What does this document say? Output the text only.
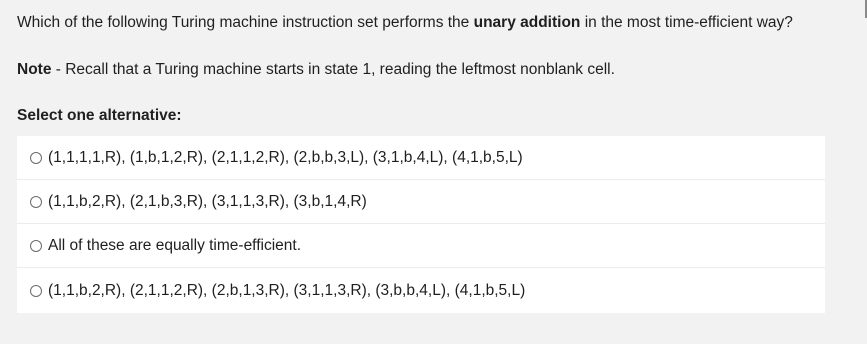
Which of the following Turing machine instruction set performs the unary addition in the most time-efficient way?
Note - Recall that a Turing machine starts in state 1, reading the leftmost nonblank cell.
Select one alternative:
(1,1,1,1,R), (1,b,1,2,R), (2,1,1,2,R), (2,b,b,3,L), (3,1,b,4,L), (4,1,b,5,L)
(1,1,b,2,R), (2,1,b,3,R), (3,1,1,3,R), (3,b,1,4,R)
All of these are equally time-efficient.
(1,1,b,2,R), (2,1,1,2,R), (2,b,1,3,R), (3,1,1,3,R), (3,b,b,4,L), (4,1,b,5,L)
